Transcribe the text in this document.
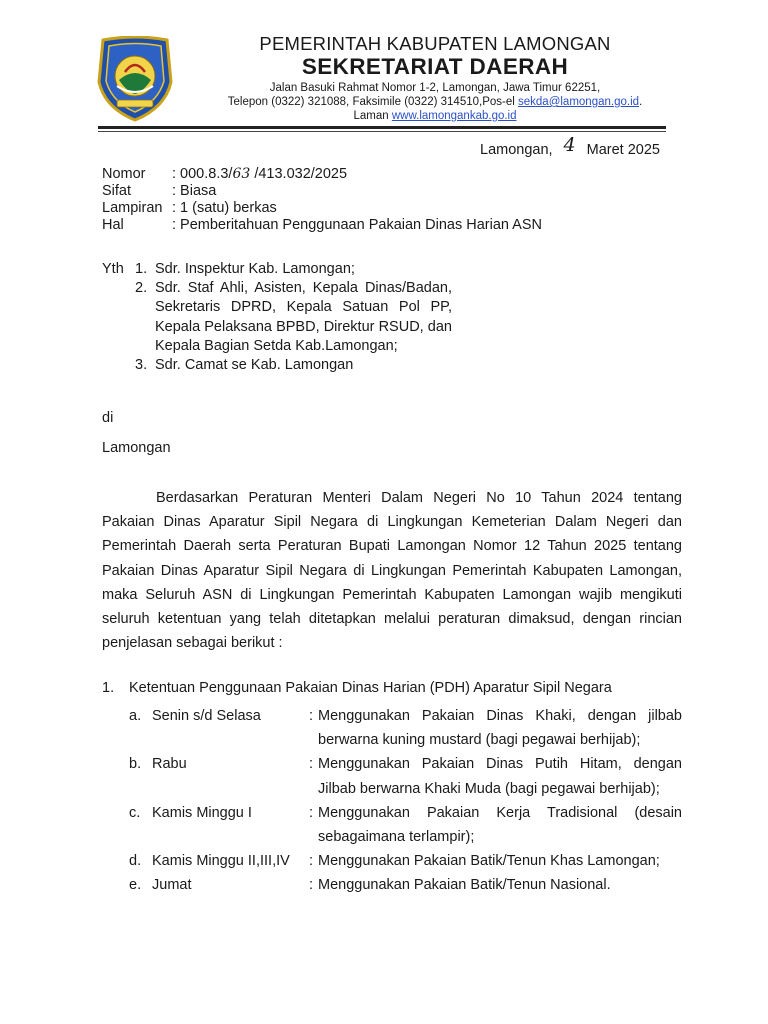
PEMERINTAH KABUPATEN LAMONGAN
SEKRETARIAT DAERAH
Jalan Basuki Rahmat Nomor 1-2, Lamongan, Jawa Timur 62251,
Telepon (0322) 321088, Faksimile (0322) 314510,Pos-el sekda@lamongan.go.id.
Laman www.lamongankab.go.id
Lamongan, 4 Maret 2025
Nomor	: 000.8.3/63 /413.032/2025
Sifat	: Biasa
Lampiran : 1 (satu) berkas
Hal	: Pemberitahuan Penggunaan Pakaian Dinas Harian ASN
Yth 1. Sdr. Inspektur Kab. Lamongan;
2. Sdr. Staf Ahli, Asisten, Kepala Dinas/Badan, Sekretaris DPRD, Kepala Satuan Pol PP, Kepala Pelaksana BPBD, Direktur RSUD, dan Kepala Bagian Setda Kab.Lamongan;
3. Sdr. Camat se Kab. Lamongan
di
Lamongan
Berdasarkan Peraturan Menteri Dalam Negeri No 10 Tahun 2024 tentang Pakaian Dinas Aparatur Sipil Negara di Lingkungan Kemeterian Dalam Negeri dan Pemerintah Daerah serta Peraturan Bupati Lamongan Nomor 12 Tahun 2025 tentang Pakaian Dinas Aparatur Sipil Negara di Lingkungan Pemerintah Kabupaten Lamongan, maka Seluruh ASN di Lingkungan Pemerintah Kabupaten Lamongan wajib mengikuti seluruh ketentuan yang telah ditetapkan melalui peraturan dimaksud, dengan rincian penjelasan sebagai berikut :
1. Ketentuan Penggunaan Pakaian Dinas Harian (PDH) Aparatur Sipil Negara
a. Senin s/d Selasa	: Menggunakan Pakaian Dinas Khaki, dengan jilbab berwarna kuning mustard (bagi pegawai berhijab);
b. Rabu	: Menggunakan Pakaian Dinas Putih Hitam, dengan Jilbab berwarna Khaki Muda (bagi pegawai berhijab);
c. Kamis Minggu I	: Menggunakan Pakaian Kerja Tradisional (desain sebagaimana terlampir);
d. Kamis Minggu II,III,IV	: Menggunakan Pakaian Batik/Tenun Khas Lamongan;
e. Jumat	: Menggunakan Pakaian Batik/Tenun Nasional.
